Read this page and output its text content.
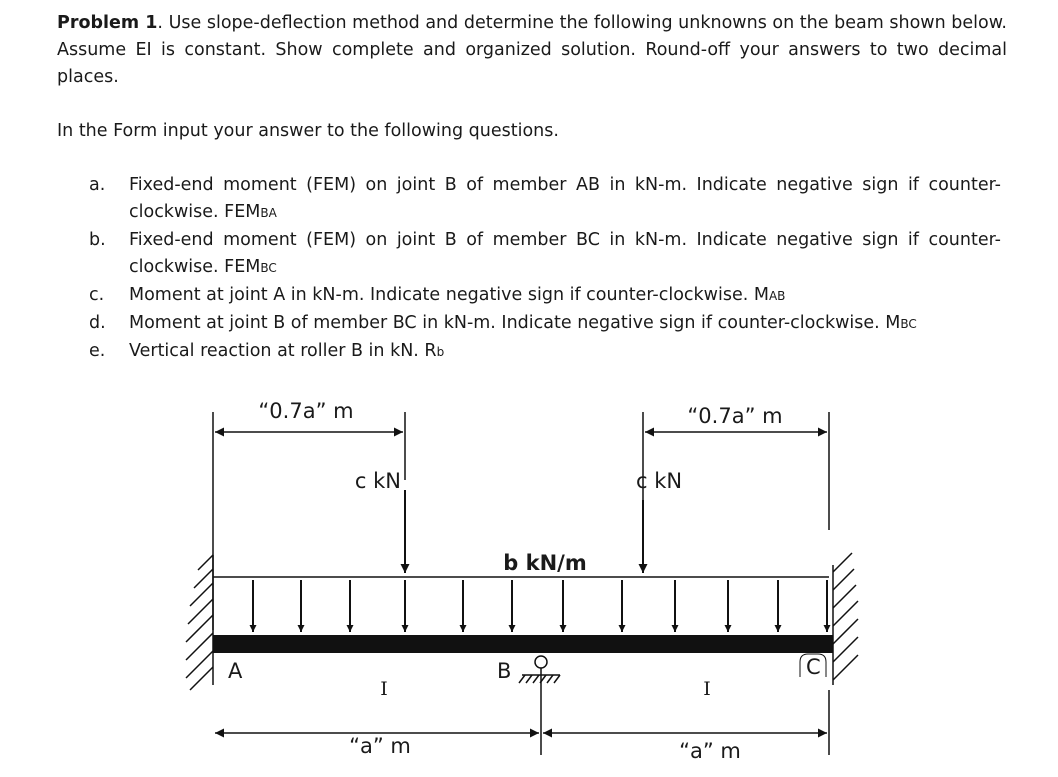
Problem 1. Use slope-deflection method and determine the following unknowns on the beam shown below. Assume EI is constant. Show complete and organized solution. Round-off your answers to two decimal places.

In the Form input your answer to the following questions.

a. Fixed-end moment (FEM) on joint B of member AB in kN-m. Indicate negative sign if counter-clockwise. FEMBA
b. Fixed-end moment (FEM) on joint B of member BC in kN-m. Indicate negative sign if counter-clockwise. FEMBC
c. Moment at joint A in kN-m. Indicate negative sign if counter-clockwise. MAB
d. Moment at joint B of member BC in kN-m. Indicate negative sign if counter-clockwise. MBC
e. Vertical reaction at roller B in kN. Rb
“0.7a” m	“0.7a” m
c kN	c kN
b kN/m
A	B	C
I	I
“a” m	“a” m
